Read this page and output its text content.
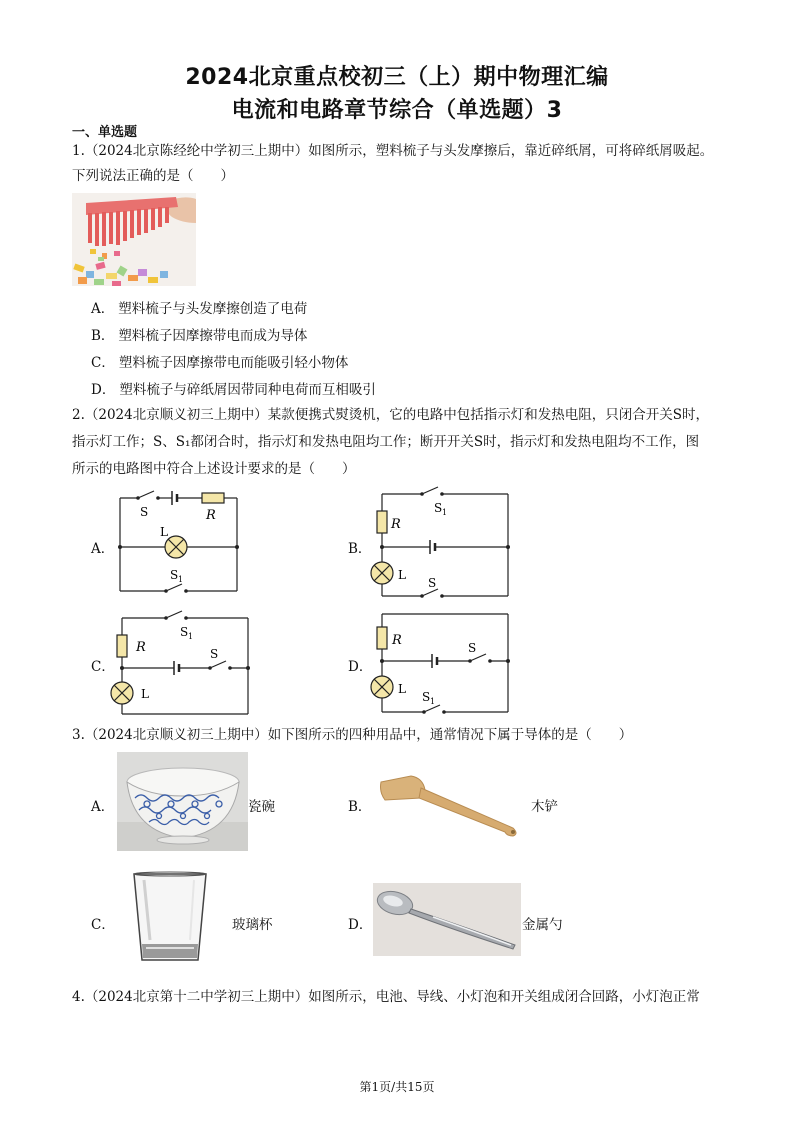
2024北京重点校初三（上）期中物理汇编
电流和电路章节综合（单选题）3
一、单选题
1.（2024北京陈经纶中学初三上期中）如图所示，塑料梳子与头发摩擦后，靠近碎纸屑，可将碎纸屑吸起。
下列说法正确的是（　　）
A． 塑料梳子与头发摩擦创造了电荷
B． 塑料梳子因摩擦带电而成为导体
C． 塑料梳子因摩擦带电而能吸引轻小物体
D． 塑料梳子与碎纸屑因带同种电荷而互相吸引
2.（2024北京顺义初三上期中）某款便携式熨烫机，它的电路中包括指示灯和发热电阻，只闭合开关S时，
指示灯工作；S、S₁都闭合时，指示灯和发热电阻均工作；断开开关S时，指示灯和发热电阻均不工作，图
所示的电路图中符合上述设计要求的是（　　）
A．	B．
C．	D．
S	R
L
S 1
S 1
R
L
S
S 1
R	S
L
R	S
L
S 1
3.（2024北京顺义初三上期中）如下图所示的四种用品中，通常情况下属于导体的是（　　）
A．	瓷碗	B．	木铲
C．	玻璃杯	D．	金属勺
4.（2024北京第十二中学初三上期中）如图所示，电池、导线、小灯泡和开关组成闭合回路，小灯泡正常
第1页/共15页
